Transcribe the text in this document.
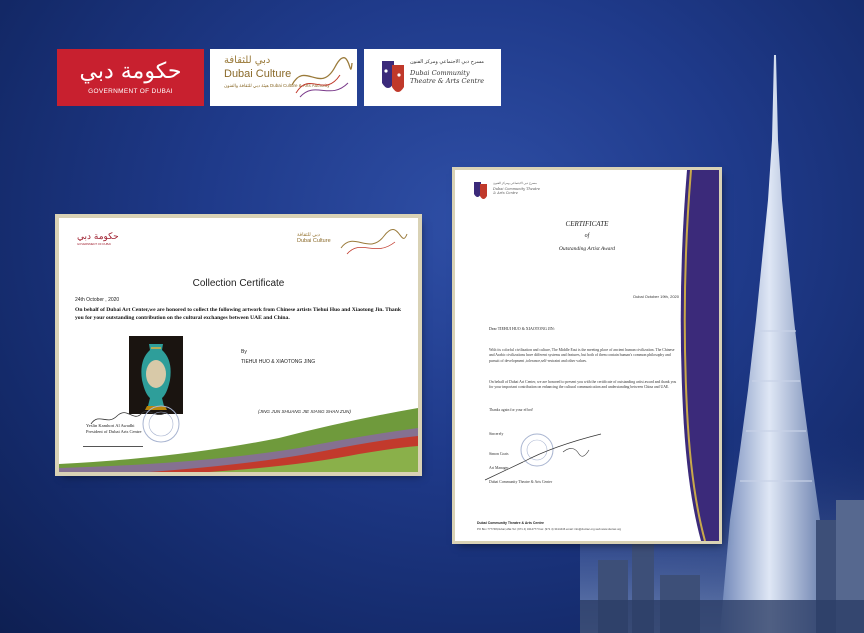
حكومة دبي
GOVERNMENT OF DUBAI
دبي للثقافة
Dubai Culture
هيئة دبي للثقافة والفنون Dubai Culture & Arts Authority
مسرح دبي الاجتماعي ومركز الفنون
Dubai Community Theatre & Arts Centre
حكومة دبي
GOVERNMENT OF DUBAI
دبي للثقافة
Dubai Culture
Collection Certificate
24th October , 2020
On behalf of Dubai Art Center,we are honored to collect the following artwork from Chinese artists Tiehui Huo and Xiaotong Jin. Thank you for your outstanding contribution on the cultural exchanges between UAE and China.
By
TIEHUI HUO & XIAOTONG JING
(JING JUN SHUANG JIE XIANG SHAN ZUN)
Yeslin Kamhori Al Awadhi
President of Dubai Arts Centre
مسرح دبي الاجتماعي ومركز الفنون
Dubai Community Theatre & Arts Centre
CERTIFICATE
of
Outstanding Artist Award
Dubai October 19th, 2020
Dear TIEHUI HUO & XIAOTONG JIN:
With its colorful civilization and culture, The Middle East is the meeting place of ancient human civilization. The Chinese and Arabic civilizations have different systems and features, but both of them contain human's common philosophy and pursuit of development ,tolerance,self-restraint and other values.
On behalf of Dubai Art Center, we are honored to present you with the certificate of outstanding artist award and thank you for your important contribution on enhancing the cultural communication and understanding between China and UAE.
Thanks again for your effort!
Sincerely
Simon Coats
Art Manager
Dubai Community Theatre & Arts Center
Dubai Community Theatre & Arts Centre
PO Box 777748,Dubai,UAE Tel: (971 4) 3414777 Fax: (971 4) 3414446 email: info@ductac.org web:www.ductac.org
